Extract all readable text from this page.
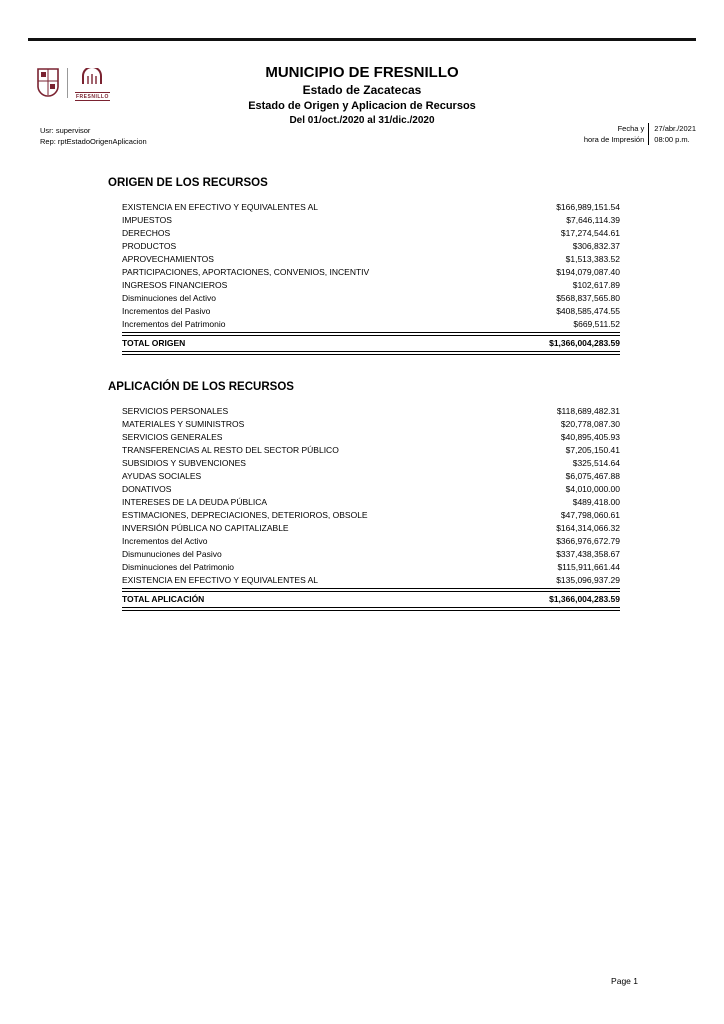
FRESNILLO
MUNICIPIO DE FRESNILLO
Estado de Zacatecas
Estado de Origen y Aplicacion de Recursos
Del 01/oct./2020 al 31/dic./2020
Usr: supervisor
Rep: rptEstadoOrigenAplicacion
Fecha y
hora de Impresión
27/abr./2021
08:00 p.m.
ORIGEN DE LOS RECURSOS
EXISTENCIA EN EFECTIVO Y EQUIVALENTES AL	$166,989,151.54
IMPUESTOS	$7,646,114.39
DERECHOS	$17,274,544.61
PRODUCTOS	$306,832.37
APROVECHAMIENTOS	$1,513,383.52
PARTICIPACIONES, APORTACIONES, CONVENIOS, INCENTIV	$194,079,087.40
INGRESOS FINANCIEROS	$102,617.89
Disminuciones del Activo	$568,837,565.80
Incrementos del Pasivo	$408,585,474.55
Incrementos del Patrimonio	$669,511.52
TOTAL ORIGEN	$1,366,004,283.59
APLICACIÓN DE LOS RECURSOS
SERVICIOS PERSONALES	$118,689,482.31
MATERIALES Y SUMINISTROS	$20,778,087.30
SERVICIOS GENERALES	$40,895,405.93
TRANSFERENCIAS AL RESTO DEL SECTOR PÚBLICO	$7,205,150.41
SUBSIDIOS Y SUBVENCIONES	$325,514.64
AYUDAS SOCIALES	$6,075,467.88
DONATIVOS	$4,010,000.00
INTERESES DE LA DEUDA PÚBLICA	$489,418.00
ESTIMACIONES, DEPRECIACIONES, DETERIOROS, OBSOLE	$47,798,060.61
INVERSIÓN PÚBLICA NO CAPITALIZABLE	$164,314,066.32
Incrementos del Activo	$366,976,672.79
Dismunuciones del Pasivo	$337,438,358.67
Disminuciones del Patrimonio	$115,911,661.44
EXISTENCIA EN EFECTIVO Y EQUIVALENTES AL	$135,096,937.29
TOTAL APLICACIÓN	$1,366,004,283.59
Page 1
